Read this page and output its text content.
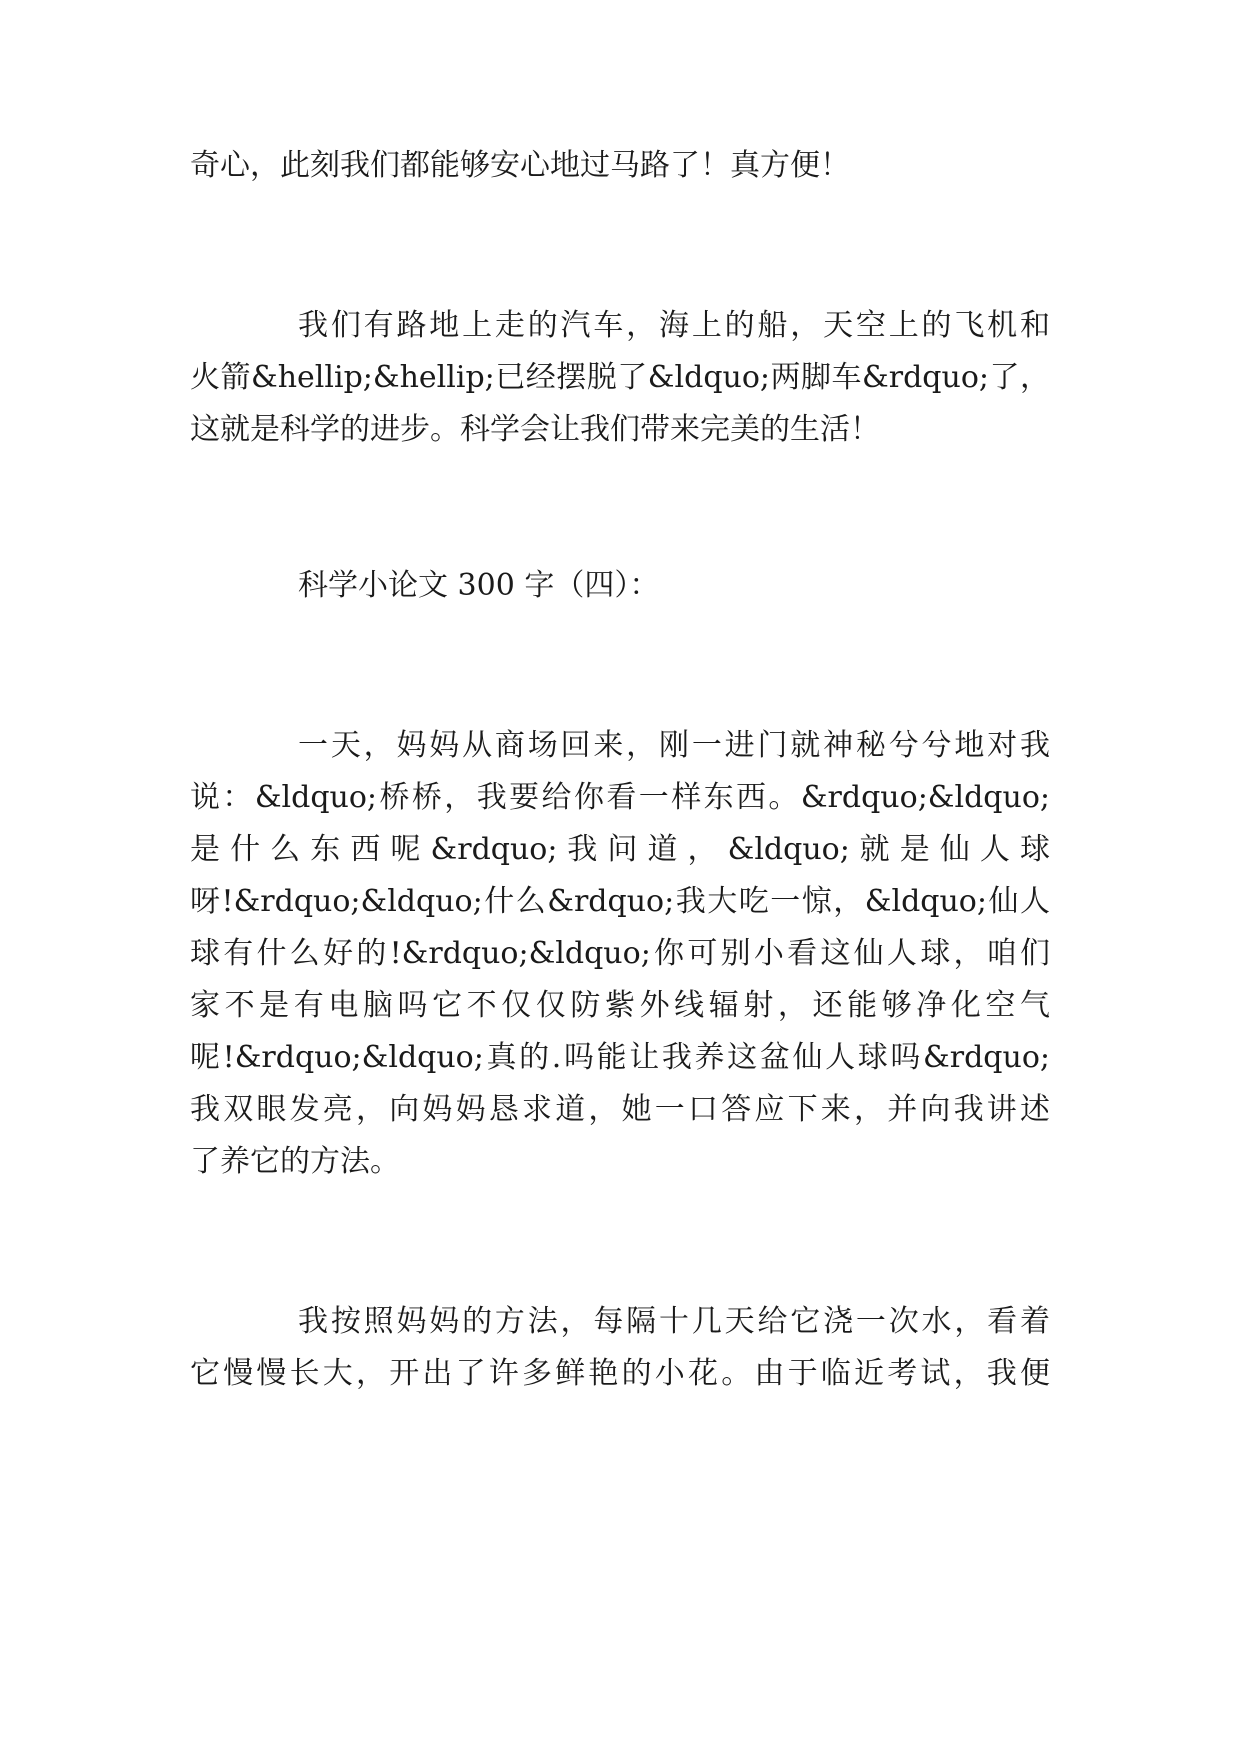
奇心，此刻我们都能够安心地过马路了！真方便！
我们有路地上走的汽车，海上的船，天空上的飞机和
火箭&hellip;&hellip;已经摆脱了&ldquo;两脚车&rdquo;了，
这就是科学的进步。科学会让我们带来完美的生活！
科学小论文 300 字（四）：
一天，妈妈从商场回来，刚一进门就神秘兮兮地对我
说：&ldquo;桥桥，我要给你看一样东西。&rdquo;&ldquo;
是 什 么 东 西 呢 &rdquo; 我 问 道 ， &ldquo; 就 是 仙 人 球
呀!&rdquo;&ldquo;什么&rdquo;我大吃一惊，&ldquo;仙人
球有什么好的!&rdquo;&ldquo;你可别小看这仙人球，咱们
家不是有电脑吗它不仅仅防紫外线辐射，还能够净化空气
呢!&rdquo;&ldquo;真的.吗能让我养这盆仙人球吗&rdquo;
我双眼发亮，向妈妈恳求道，她一口答应下来，并向我讲述
了养它的方法。
我按照妈妈的方法，每隔十几天给它浇一次水，看着
它慢慢长大，开出了许多鲜艳的小花。由于临近考试，我便
